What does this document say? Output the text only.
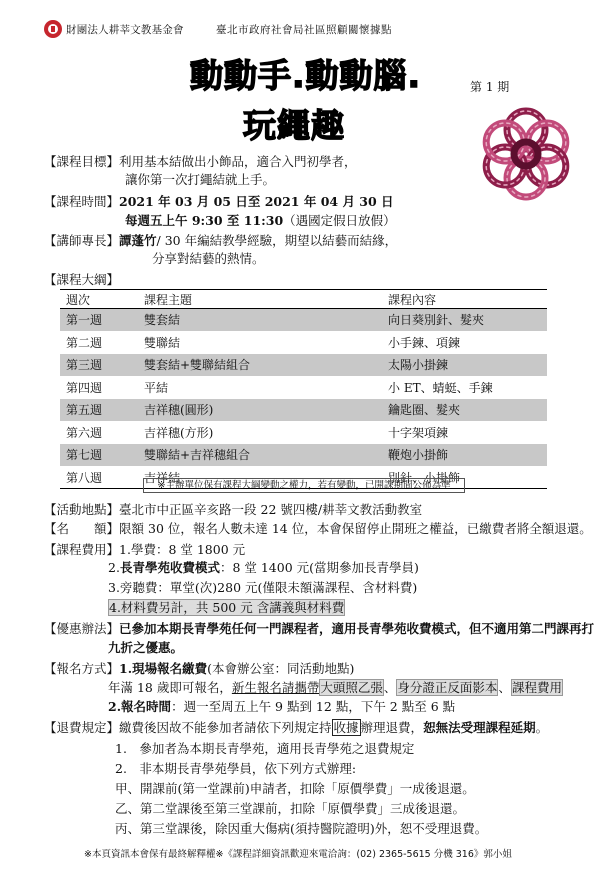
財團法人耕莘文教基金會	臺北市政府社會局社區照顧關懷據點
動動手.動動腦.
玩繩趣
第 1 期
【課程目標】利用基本結做出小飾品，適合入門初學者，
讓你第一次打繩結就上手。
【課程時間】2021 年 03 月 05 日至 2021 年 04 月 30 日
每週五上午 9:30 至 11:30（遇國定假日放假）
【講師專長】譚蓬竹/ 30 年編結教學經驗，期望以結藝而結緣，
分享對結藝的熱情。
【課程大綱】
週次	課程主題	課程內容
第一週	雙套結	向日葵別針、髮夾
第二週	雙聯結	小手鍊、項鍊
第三週	雙套結+雙聯結組合	太陽小掛鍊
第四週	平結	小 ET、蜻蜓、手鍊
第五週	吉祥穗(圓形)	鑰匙圈、髮夾
第六週	吉祥穗(方形)	十字架項鍊
第七週	雙聯結+吉祥穗組合	鞭炮小掛飾
第八週	吉祥結	別針、小掛飾
※主辦單位保有課程大綱變動之權力，若有變動，已開課期間公佈為準
【活動地點】臺北市中正區辛亥路一段 22 號四樓/耕莘文教活動教室
【名　　額】限額 30 位，報名人數未達 14 位，本會保留停止開班之權益，已繳費者將全額退還。
【課程費用】1.學費：8 堂 1800 元
2.長青學苑收費模式：8 堂 1400 元(當期參加長青學員)
3.旁聽費：單堂(次)280 元(僅限未額滿課程、含材料費)
4.材料費另計，共 500 元 含講義與材料費
【優惠辦法】已參加本期長青學苑任何一門課程者，適用長青學苑收費模式，但不適用第二門課再打
九折之優惠。
【報名方式】1.現場報名繳費(本會辦公室：同活動地點)
年滿 18 歲即可報名，新生報名請攜帶大頭照乙張、身分證正反面影本、課程費用
2.報名時間：週一至周五上午 9 點到 12 點，下午 2 點至 6 點
【退費規定】繳費後因故不能參加者請依下列規定持 收據 辦理退費，恕無法受理課程延期。
1.　參加者為本期長青學苑，適用長青學苑之退費規定
2.　非本期長青學苑學員，依下列方式辦理:
甲、開課前(第一堂課前)申請者，扣除「原價學費」一成後退還。
乙、第二堂課後至第三堂課前，扣除「原價學費」三成後退還。
丙、第三堂課後，除因重大傷病(須持醫院證明)外，恕不受理退費。
※本頁資訊本會保有最終解釋權※《課程詳細資訊歡迎來電洽詢：(02) 2365-5615 分機 316》郭小姐
